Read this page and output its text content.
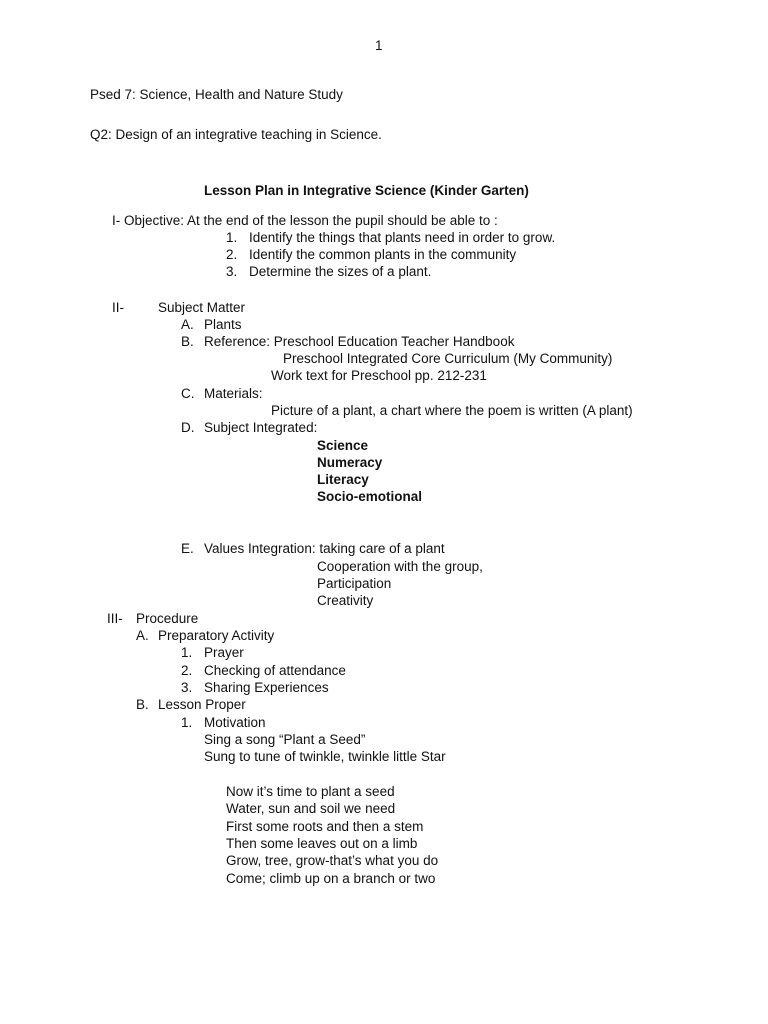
1
Psed 7: Science, Health and Nature Study
Q2: Design of an integrative teaching in Science.
Lesson Plan in Integrative Science (Kinder Garten)
I- Objective: At the end of the lesson the pupil should be able to :
1. Identify the things that plants need in order to grow.
2. Identify the common plants in the community
3. Determine the sizes of a plant.
II-	Subject Matter
A. Plants
B. Reference: Preschool Education Teacher Handbook
Preschool Integrated Core Curriculum (My Community)
Work text for Preschool pp. 212-231
C. Materials:
Picture of a plant, a chart where the poem is written (A plant)
D. Subject Integrated:
Science
Numeracy
Literacy
Socio-emotional
E. Values Integration: taking care of a plant
Cooperation with the group,
Participation
Creativity
III- Procedure
A. Preparatory Activity
1. Prayer
2. Checking of attendance
3. Sharing Experiences
B. Lesson Proper
1. Motivation
Sing a song “Plant a Seed”
Sung to tune of twinkle, twinkle little Star
Now it’s time to plant a seed
Water, sun and soil we need
First some roots and then a stem
Then some leaves out on a limb
Grow, tree, grow-that’s what you do
Come; climb up on a branch or two
